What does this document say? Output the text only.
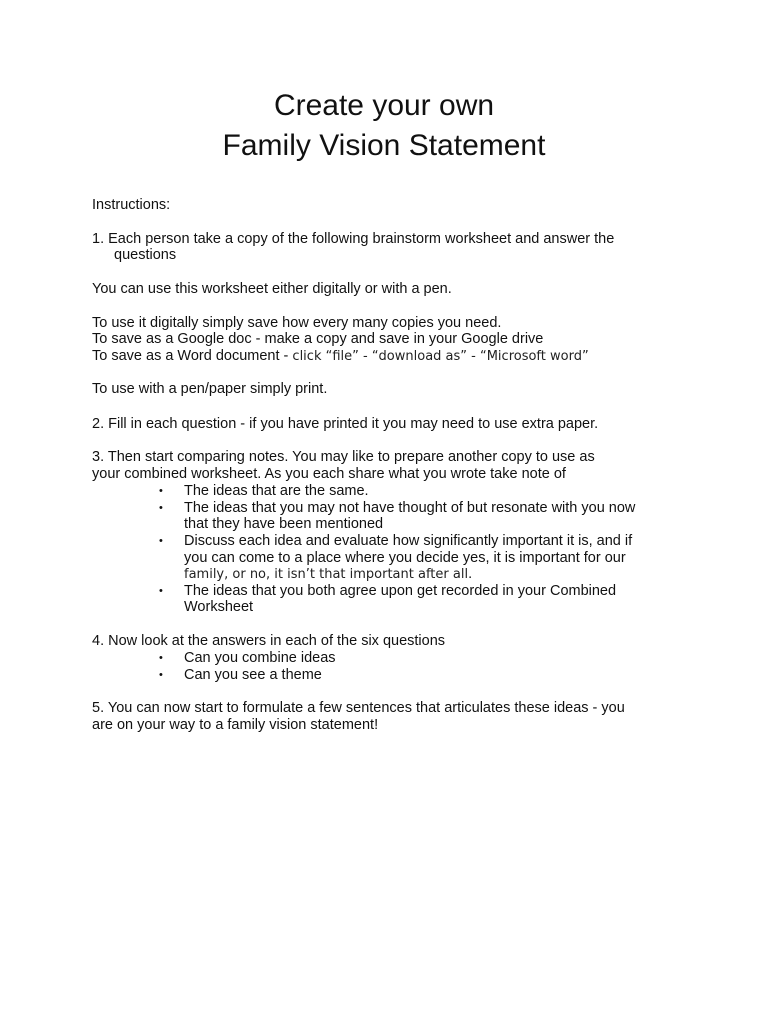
Create your own
Family Vision Statement
Instructions:
1. Each person take a copy of the following brainstorm worksheet and answer the
questions
You can use this worksheet either digitally or with a pen.
To use it digitally simply save how every many copies you need.
To save as a Google doc - make a copy and save in your Google drive
To save as a Word document - click “file” - “download as” - “Microsoft word”
To use with a pen/paper simply print.
2. Fill in each question - if you have printed it you may need to use extra paper.
3. Then start comparing notes. You may like to prepare another copy to use as
your combined worksheet. As you each share what you wrote take note of
• The ideas that are the same.
• The ideas that you may not have thought of but resonate with you now
that they have been mentioned
• Discuss each idea and evaluate how significantly important it is, and if
you can come to a place where you decide yes, it is important for our
family, or no, it isn’t that important after all.
• The ideas that you both agree upon get recorded in your Combined
Worksheet
4. Now look at the answers in each of the six questions
• Can you combine ideas
• Can you see a theme
5. You can now start to formulate a few sentences that articulates these ideas - you
are on your way to a family vision statement!
